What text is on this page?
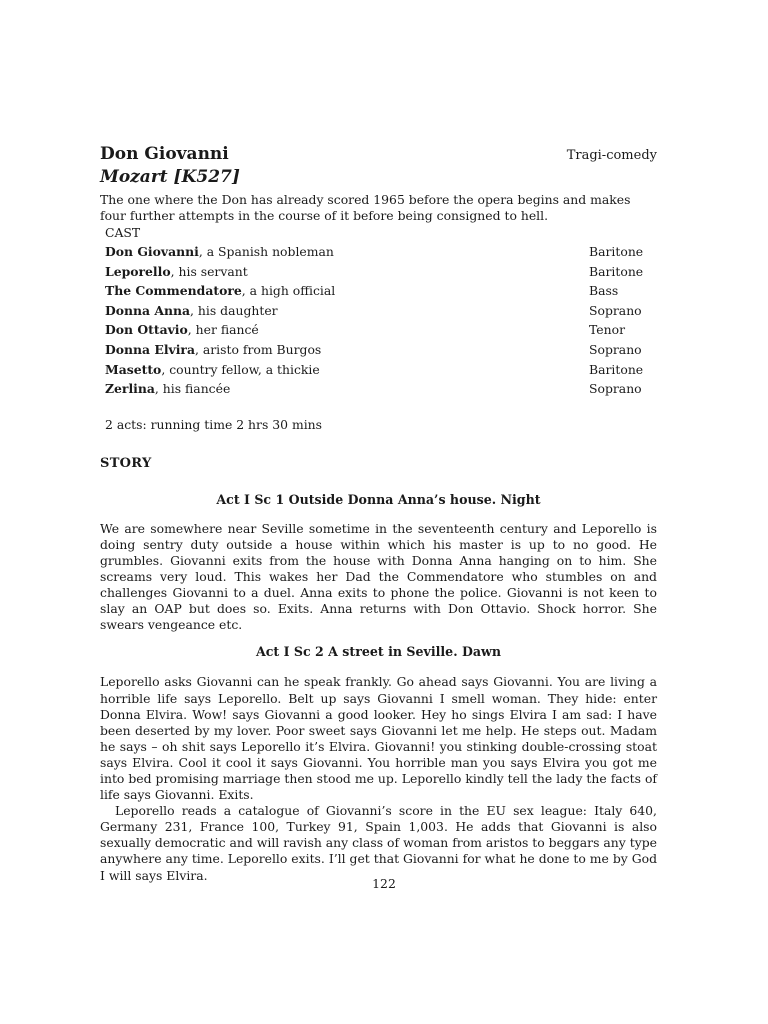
Don Giovanni	Tragi-comedy
Mozart [K527]

The one where the Don has already scored 1965 before the opera begins and makes four further attempts in the course of it before being consigned to hell.

CAST
Don Giovanni, a Spanish nobleman	Baritone
Leporello, his servant	Baritone
The Commendatore, a high official	Bass
Donna Anna, his daughter	Soprano
Don Ottavio, her fiancé	Tenor
Donna Elvira, aristo from Burgos	Soprano
Masetto, country fellow, a thickie	Baritone
Zerlina, his fiancée	Soprano
2 acts: running time 2 hrs 30 mins
STORY
Act I Sc 1 Outside Donna Anna’s house. Night

We are somewhere near Seville sometime in the seventeenth century and Leporello is doing sentry duty outside a house within which his master is up to no good. He grumbles. Giovanni exits from the house with Donna Anna hanging on to him. She screams very loud. This wakes her Dad the Commendatore who stumbles on and challenges Giovanni to a duel. Anna exits to phone the police. Giovanni is not keen to slay an OAP but does so. Exits. Anna returns with Don Ottavio. Shock horror. She swears vengeance etc.

Act I Sc 2 A street in Seville. Dawn

Leporello asks Giovanni can he speak frankly. Go ahead says Giovanni. You are living a horrible life says Leporello. Belt up says Giovanni I smell woman. They hide: enter Donna Elvira. Wow! says Giovanni a good looker. Hey ho sings Elvira I am sad: I have been deserted by my lover. Poor sweet says Giovanni let me help. He steps out. Madam he says – oh shit says Leporello it’s Elvira. Giovanni! you stinking double-crossing stoat says Elvira. Cool it cool it says Giovanni. You horrible man you says Elvira you got me into bed promising marriage then stood me up. Leporello kindly tell the lady the facts of life says Giovanni. Exits.

Leporello reads a catalogue of Giovanni’s score in the EU sex league: Italy 640, Germany 231, France 100, Turkey 91, Spain 1,003. He adds that Giovanni is also sexually democratic and will ravish any class of woman from aristos to beggars any type anywhere any time. Leporello exits. I’ll get that Giovanni for what he done to me by God I will says Elvira.

122
